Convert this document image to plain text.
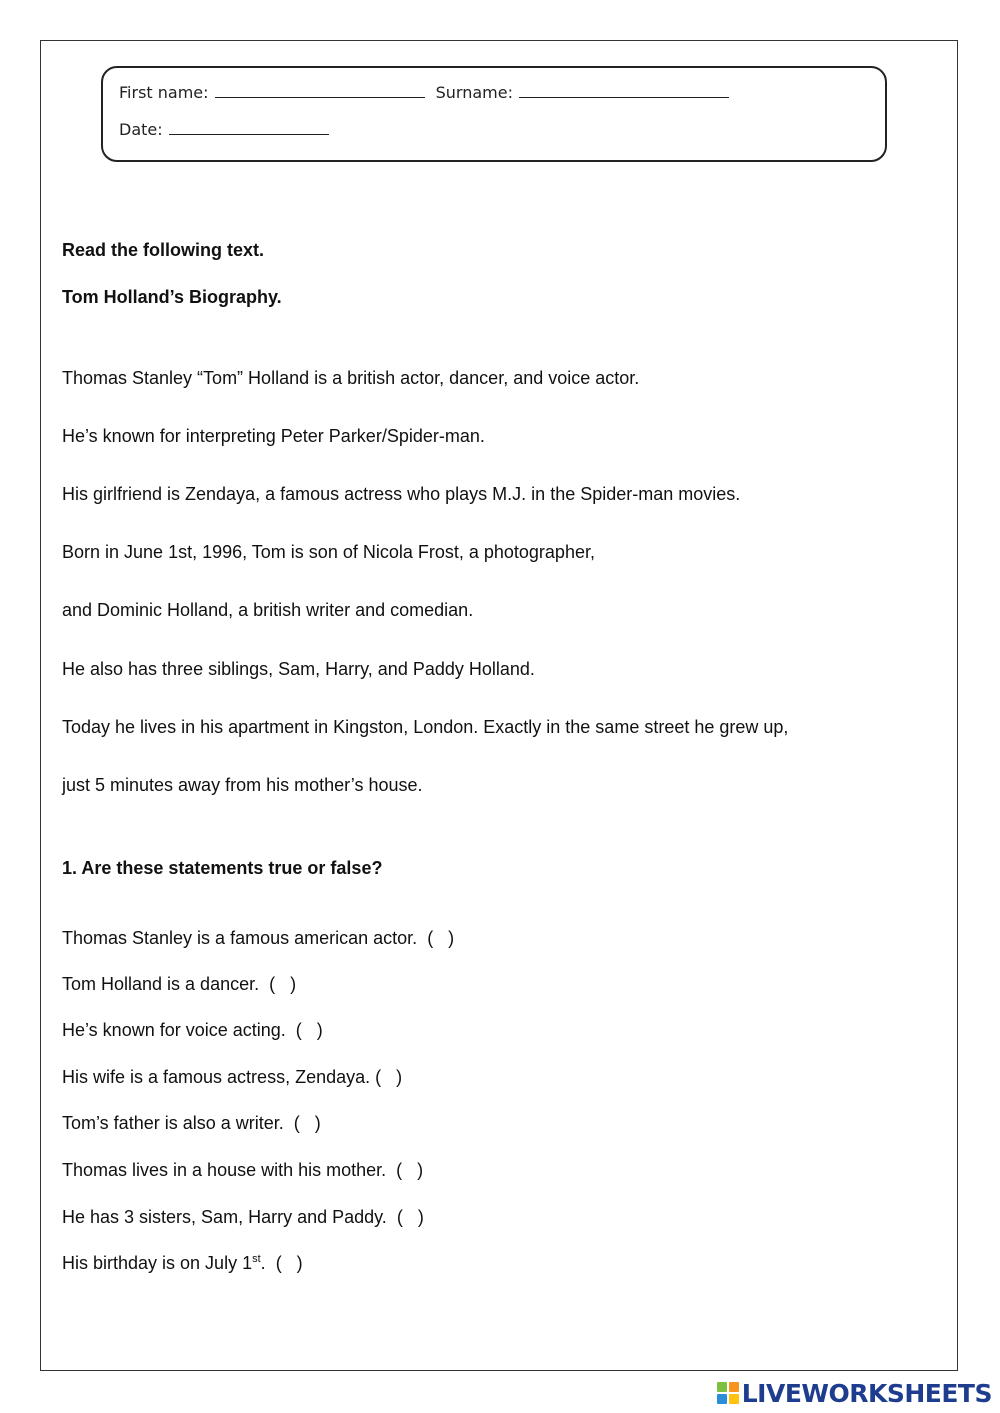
First name:	Surname:
Date:

Read the following text.

Tom Holland’s Biography.

Thomas Stanley “Tom” Holland is a british actor, dancer, and voice actor.

He’s known for interpreting Peter Parker/Spider-man.

His girlfriend is Zendaya, a famous actress who plays M.J. in the Spider-man movies.

Born in June 1st, 1996, Tom is son of Nicola Frost, a photographer,

and Dominic Holland, a british writer and comedian.

He also has three siblings, Sam, Harry, and Paddy Holland.

Today he lives in his apartment in Kingston, London. Exactly in the same street he grew up,

just 5 minutes away from his mother’s house.

1. Are these statements true or false?

Thomas Stanley is a famous american actor. (   )

Tom Holland is a dancer. (   )

He’s known for voice acting. (   )

His wife is a famous actress, Zendaya. (   )

Tom’s father is also a writer. (   )

Thomas lives in a house with his mother. (   )

He has 3 sisters, Sam, Harry and Paddy. (   )

His birthday is on July 1st. (   )

LIVEWORKSHEETS
